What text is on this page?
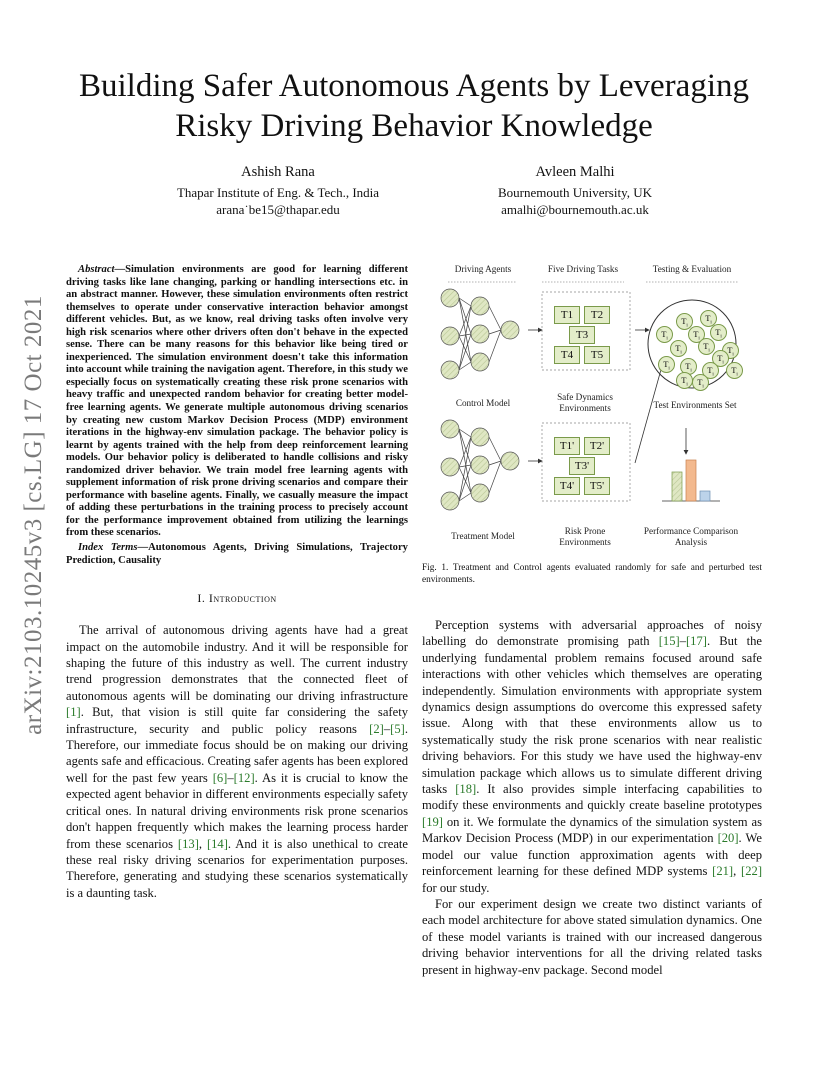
arXiv:2103.10245v3 [cs.LG] 17 Oct 2021
Building Safer Autonomous Agents by Leveraging Risky Driving Behavior Knowledge
Ashish Rana
Thapar Institute of Eng. & Tech., India
arana˙be15@thapar.edu
Avleen Malhi
Bournemouth University, UK
amalhi@bournemouth.ac.uk

Abstract—Simulation environments are good for learning different driving tasks like lane changing, parking or handling intersections etc. in an abstract manner. However, these simulation environments often restrict themselves to operate under conservative interaction behavior amongst different vehicles. But, as we know, real driving tasks often involve very high risk scenarios where other drivers often don't behave in the expected sense. There can be many reasons for this behavior like being tired or inexperienced. The simulation environment doesn't take this information into account while training the navigation agent. Therefore, in this study we especially focus on systematically creating these risk prone scenarios with heavy traffic and unexpected random behavior for creating better model-free learning agents. We generate multiple autonomous driving scenarios by creating new custom Markov Decision Process (MDP) environment iterations in the highway-env simulation package. The behavior policy is learnt by agents trained with the help from deep reinforcement learning models. Our behavior policy is deliberated to handle collisions and risky randomized driver behavior. We train model free learning agents with supplement information of risk prone driving scenarios and compare their performance with baseline agents. Finally, we casually measure the impact of adding these perturbations in the training process to precisely account for the performance improvement obtained from utilizing the learnings from these scenarios.

Index Terms—Autonomous Agents, Driving Simulations, Trajectory Prediction, Causality

I. Introduction

The arrival of autonomous driving agents have had a great impact on the automobile industry. And it will be responsible for shaping the future of this industry as well. The current industry trend progression demonstrates that the connected fleet of autonomous agents will be dominating our driving infrastructure [1]. But, that vision is still quite far considering the safety infrastructure, security and public policy reasons [2]–[5]. Therefore, our immediate focus should be on making our driving agents safe and efficacious. Creating safer agents has been explored well for the past few years [6]–[12]. As it is crucial to know the expected agent behavior in different environments especially safety critical ones. In natural driving environments risk prone scenarios don't happen frequently which makes the learning process harder from these scenarios [13], [14]. And it is also unethical to create these real risky driving scenarios for experimentation purposes. Therefore, generating and studying these scenarios systematically is a daunting task.

Driving Agents	Five Driving Tasks	Testing & Evaluation
T1	T2
T3
T4	T5
T1'	T2'
T3'
T4'	T5'
$T_i$
$T_i$
$T_i$
$T_i$
$T_i$
$T_i$
$T_i$	$T_i$
$T_i$
$T_i$	$T_i$	$T_i$
$T_i$
$T_i$	$T_i$
Control Model
Safe Dynamics Environments	Test Environments Set
Treatment Model	Risk Prone Environments
Performance Comparison Analysis

Fig. 1. Treatment and Control agents evaluated randomly for safe and perturbed test environments.

Perception systems with adversarial approaches of noisy labelling do demonstrate promising path [15]–[17]. But the underlying fundamental problem remains focused around safe interactions with other vehicles which themselves are operating independently. Simulation environments with appropriate system dynamics design assumptions do overcome this expressed safety issue. Along with that these environments allow us to systematically study the risk prone scenarios with near realistic driving behaviors. For this study we have used the highway-env simulation package which allows us to simulate different driving tasks [18]. It also provides simple interfacing capabilities to modify these environments and quickly create baseline prototypes [19] on it. We formulate the dynamics of the simulation system as Markov Decision Process (MDP) in our experimentation [20]. We model our value function approximation agents with deep reinforcement learning for these defined MDP systems [21], [22] for our study.

For our experiment design we create two distinct variants of each model architecture for above stated simulation dynamics. One of these model variants is trained with our increased dangerous driving behavior interventions for all the driving related tasks present in highway-env package. Second model
